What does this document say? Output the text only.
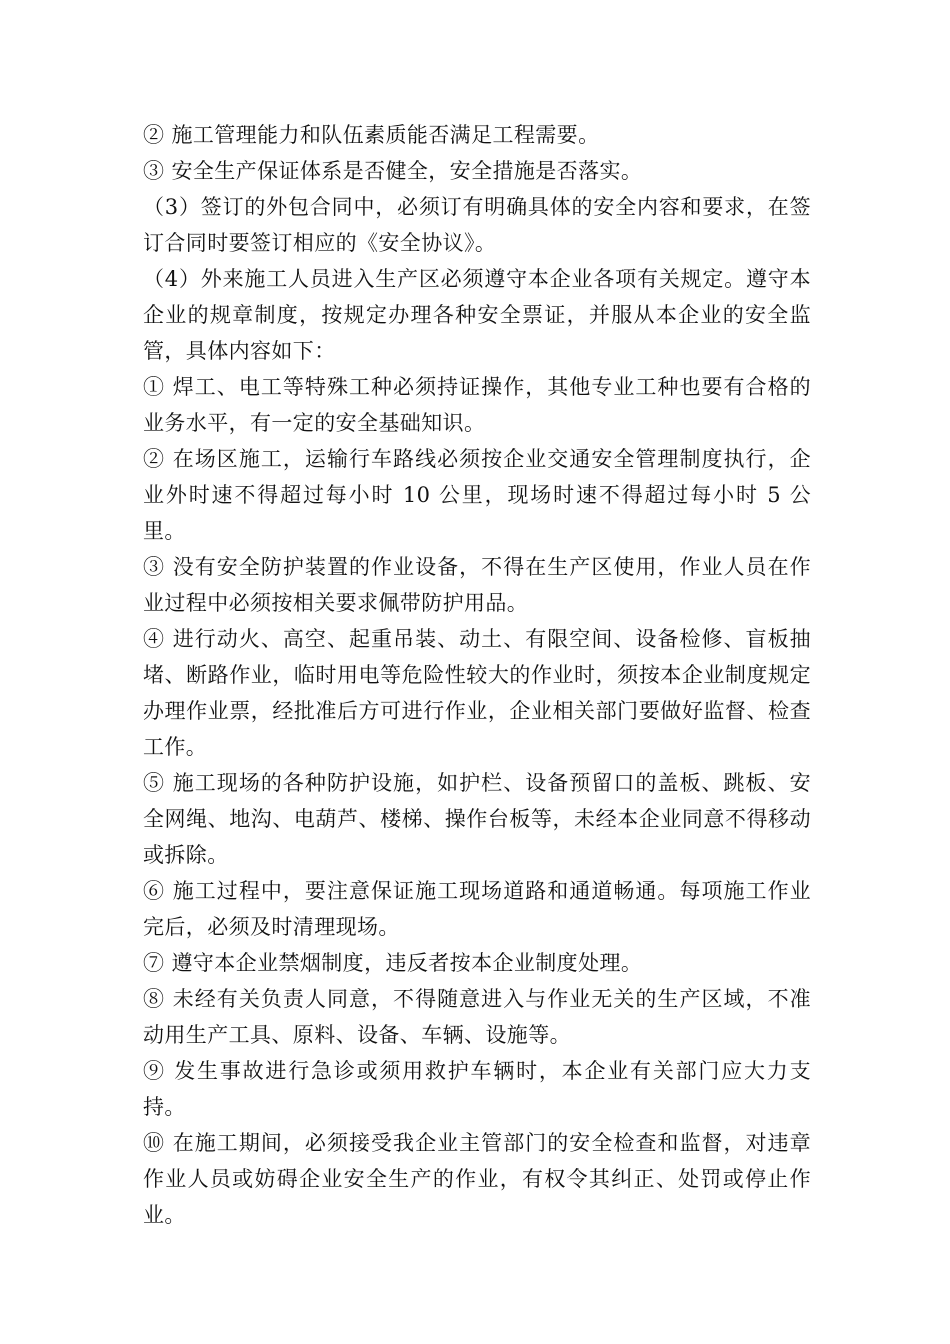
② 施工管理能力和队伍素质能否满足工程需要。

③ 安全生产保证体系是否健全，安全措施是否落实。

（3）签订的外包合同中，必须订有明确具体的安全内容和要求，在签订合同时要签订相应的《安全协议》。

（4）外来施工人员进入生产区必须遵守本企业各项有关规定。遵守本企业的规章制度，按规定办理各种安全票证，并服从本企业的安全监管，具体内容如下：

① 焊工、电工等特殊工种必须持证操作，其他专业工种也要有合格的业务水平，有一定的安全基础知识。

② 在场区施工，运输行车路线必须按企业交通安全管理制度执行，企业外时速不得超过每小时 10 公里，现场时速不得超过每小时 5 公里。

③ 没有安全防护装置的作业设备，不得在生产区使用，作业人员在作业过程中必须按相关要求佩带防护用品。

④ 进行动火、高空、起重吊装、动土、有限空间、设备检修、盲板抽堵、断路作业，临时用电等危险性较大的作业时，须按本企业制度规定办理作业票，经批准后方可进行作业，企业相关部门要做好监督、检查工作。

⑤ 施工现场的各种防护设施，如护栏、设备预留口的盖板、跳板、安全网绳、地沟、电葫芦、楼梯、操作台板等，未经本企业同意不得移动或拆除。

⑥ 施工过程中，要注意保证施工现场道路和通道畅通。每项施工作业完后，必须及时清理现场。

⑦ 遵守本企业禁烟制度，违反者按本企业制度处理。

⑧ 未经有关负责人同意，不得随意进入与作业无关的生产区域，不准动用生产工具、原料、设备、车辆、设施等。

⑨ 发生事故进行急诊或须用救护车辆时，本企业有关部门应大力支持。

⑩ 在施工期间，必须接受我企业主管部门的安全检查和监督，对违章作业人员或妨碍企业安全生产的作业，有权令其纠正、处罚或停止作业。
